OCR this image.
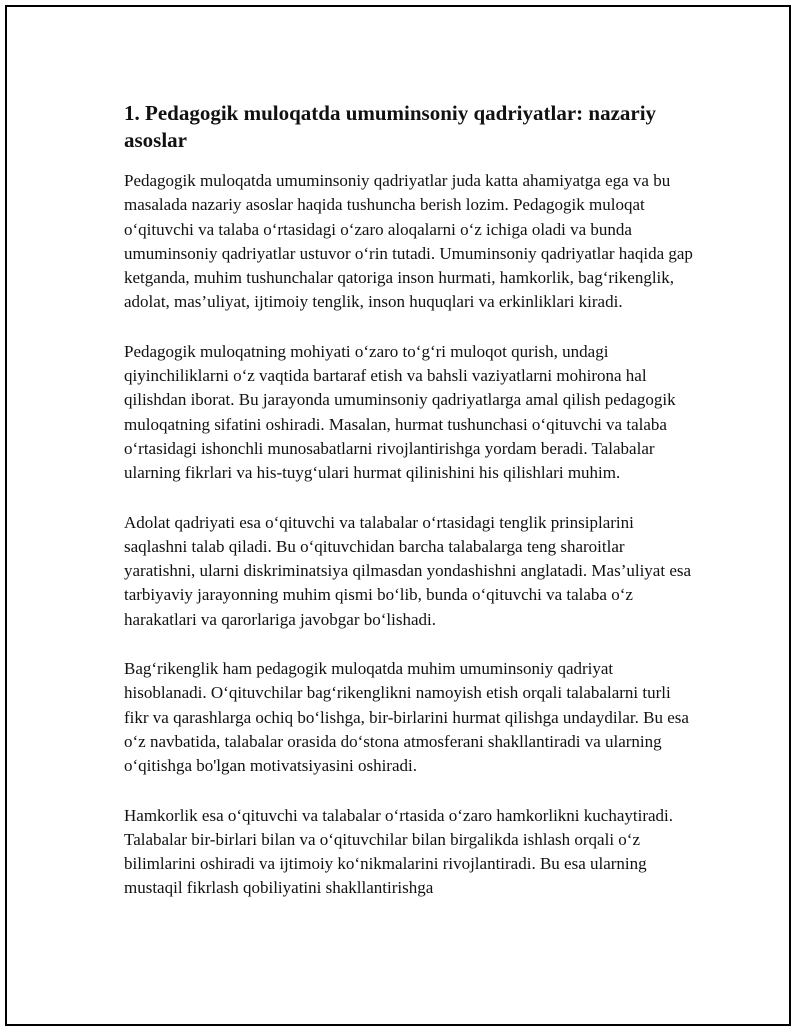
1. Pedagogik muloqatda umuminsoniy qadriyatlar: nazariy asoslar

Pedagogik muloqatda umuminsoniy qadriyatlar juda katta ahamiyatga ega va bu masalada nazariy asoslar haqida tushuncha berish lozim. Pedagogik muloqat o‘qituvchi va talaba o‘rtasidagi o‘zaro aloqalarni o‘z ichiga oladi va bunda umuminsoniy qadriyatlar ustuvor o‘rin tutadi. Umuminsoniy qadriyatlar haqida gap ketganda, muhim tushunchalar qatoriga inson hurmati, hamkorlik, bag‘rikenglik, adolat, mas’uliyat, ijtimoiy tenglik, inson huquqlari va erkinliklari kiradi.

Pedagogik muloqatning mohiyati o‘zaro to‘g‘ri muloqot qurish, undagi qiyinchiliklarni o‘z vaqtida bartaraf etish va bahsli vaziyatlarni mohirona hal qilishdan iborat. Bu jarayonda umuminsoniy qadriyatlarga amal qilish pedagogik muloqatning sifatini oshiradi. Masalan, hurmat tushunchasi o‘qituvchi va talaba o‘rtasidagi ishonchli munosabatlarni rivojlantirishga yordam beradi. Talabalar ularning fikrlari va his-tuyg‘ulari hurmat qilinishini his qilishlari muhim.

Adolat qadriyati esa o‘qituvchi va talabalar o‘rtasidagi tenglik prinsiplarini saqlashni talab qiladi. Bu o‘qituvchidan barcha talabalarga teng sharoitlar yaratishni, ularni diskriminatsiya qilmasdan yondashishni anglatadi. Mas’uliyat esa tarbiyaviy jarayonning muhim qismi bo‘lib, bunda o‘qituvchi va talaba o‘z harakatlari va qarorlariga javobgar bo‘lishadi.

Bag‘rikenglik ham pedagogik muloqatda muhim umuminsoniy qadriyat hisoblanadi. O‘qituvchilar bag‘rikenglikni namoyish etish orqali talabalarni turli fikr va qarashlarga ochiq bo‘lishga, bir-birlarini hurmat qilishga undaydilar. Bu esa o‘z navbatida, talabalar orasida do‘stona atmosferani shakllantiradi va ularning o‘qitishga bo'lgan motivatsiyasini oshiradi.

Hamkorlik esa o‘qituvchi va talabalar o‘rtasida o‘zaro hamkorlikni kuchaytiradi. Talabalar bir-birlari bilan va o‘qituvchilar bilan birgalikda ishlash orqali o‘z bilimlarini oshiradi va ijtimoiy ko‘nikmalarini rivojlantiradi. Bu esa ularning mustaqil fikrlash qobiliyatini shakllantirishga
